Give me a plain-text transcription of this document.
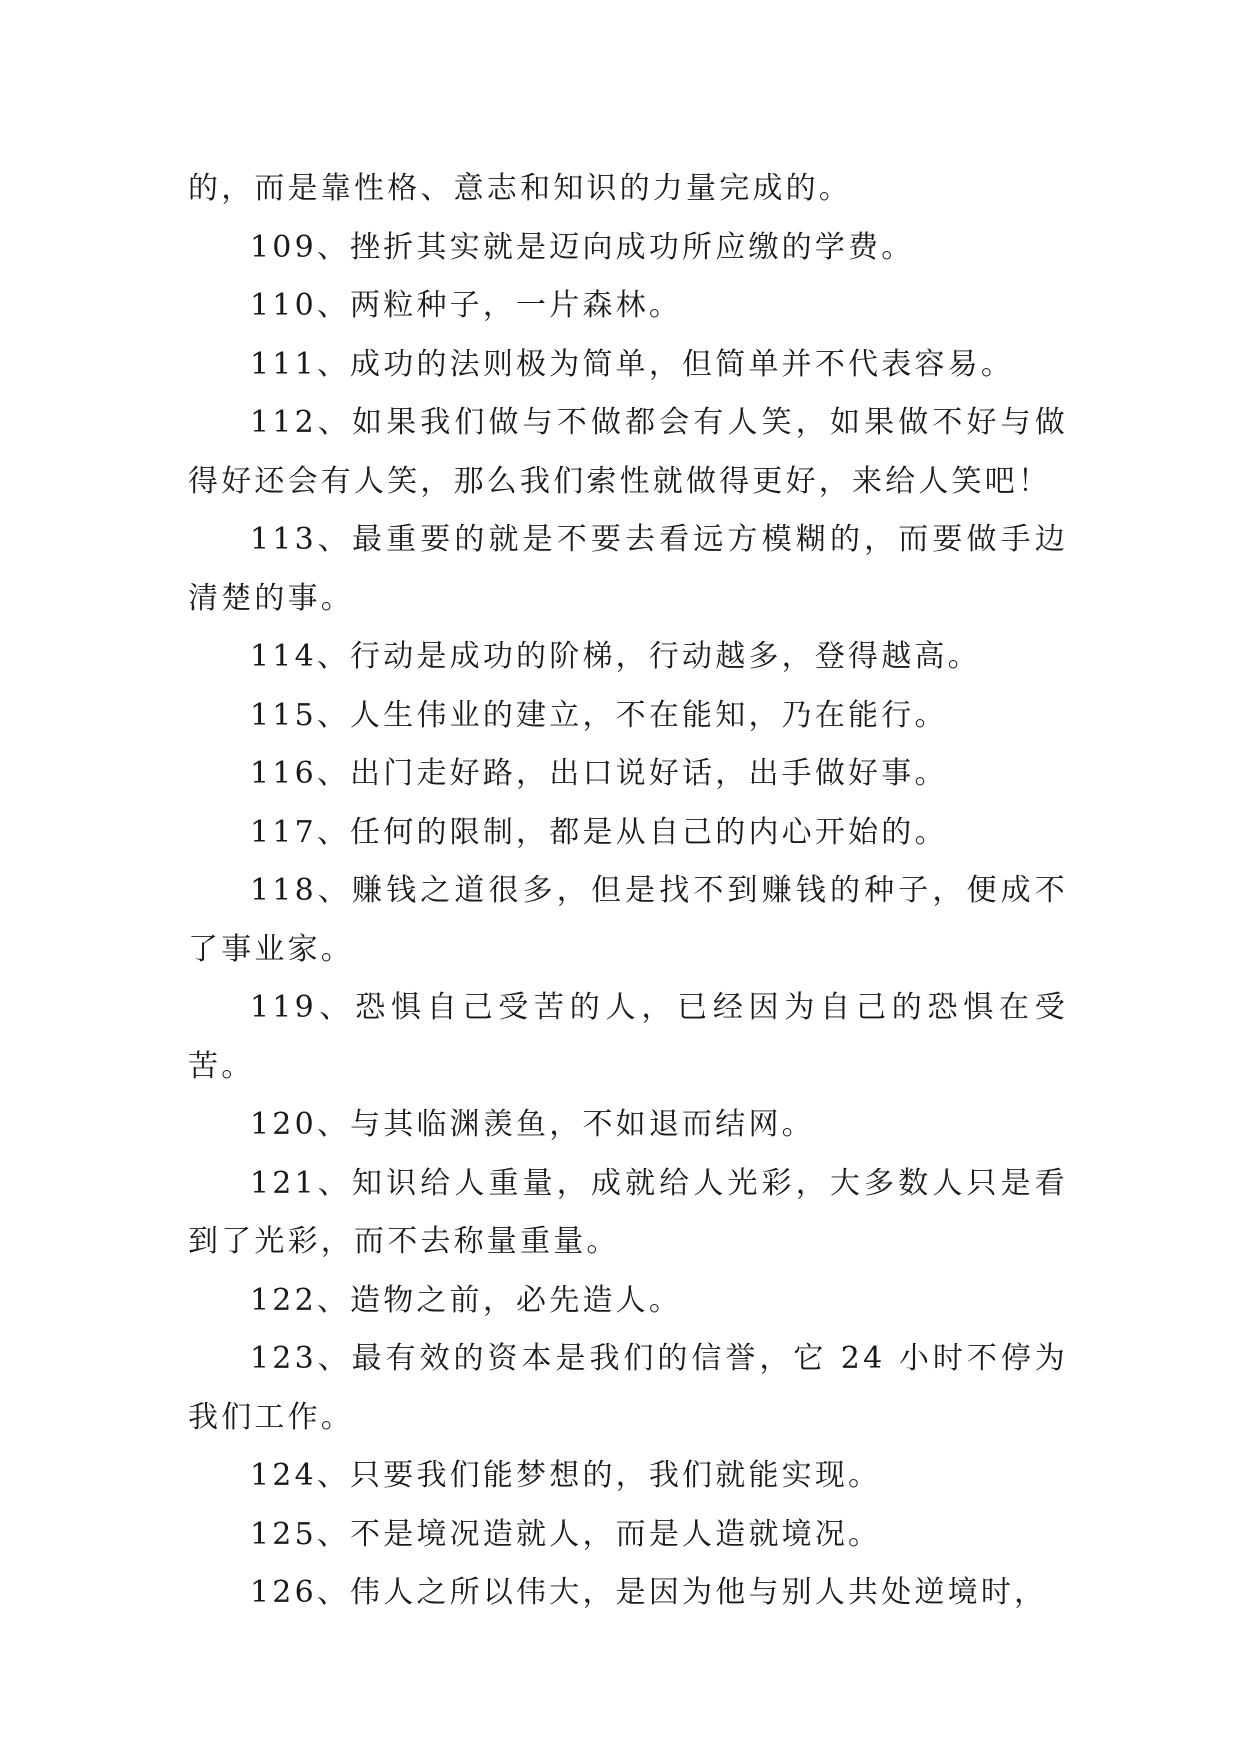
的，而是靠性格、意志和知识的力量完成的。

109、挫折其实就是迈向成功所应缴的学费。

110、两粒种子，一片森林。

111、成功的法则极为简单，但简单并不代表容易。

112、如果我们做与不做都会有人笑，如果做不好与做得好还会有人笑，那么我们索性就做得更好，来给人笑吧！

113、最重要的就是不要去看远方模糊的，而要做手边清楚的事。

114、行动是成功的阶梯，行动越多，登得越高。

115、人生伟业的建立，不在能知，乃在能行。

116、出门走好路，出口说好话，出手做好事。

117、任何的限制，都是从自己的内心开始的。

118、赚钱之道很多，但是找不到赚钱的种子，便成不了事业家。

119、恐惧自己受苦的人，已经因为自己的恐惧在受苦。

120、与其临渊羡鱼，不如退而结网。

121、知识给人重量，成就给人光彩，大多数人只是看到了光彩，而不去称量重量。

122、造物之前，必先造人。

123、最有效的资本是我们的信誉，它 24 小时不停为我们工作。

124、只要我们能梦想的，我们就能实现。

125、不是境况造就人，而是人造就境况。

126、伟人之所以伟大，是因为他与别人共处逆境时，
